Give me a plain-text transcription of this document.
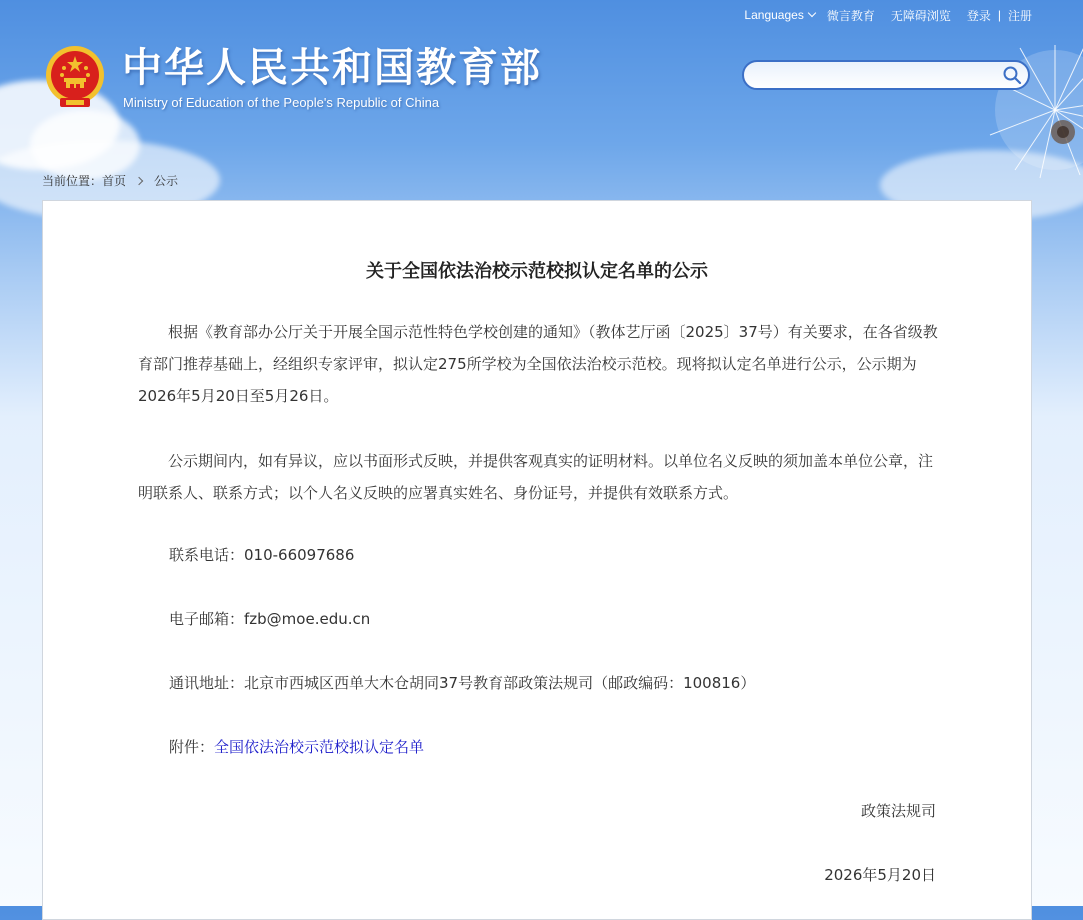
Languages 微言教育 无障碍浏览 登录 | 注册
中华人民共和国教育部
Ministry of Education of the People's Republic of China
当前位置： 首页 公示
关于全国依法治校示范校拟认定名单的公示
根据《教育部办公厅关于开展全国示范性特色学校创建的通知》（教体艺厅函〔2025〕37号）有关要求，在各省级教育部门推荐基础上，经组织专家评审，拟认定275所学校为全国依法治校示范校。现将拟认定名单进行公示，公示期为2026年5月20日至5月26日。
公示期间内，如有异议，应以书面形式反映，并提供客观真实的证明材料。以单位名义反映的须加盖本单位公章，注明联系人、联系方式；以个人名义反映的应署真实姓名、身份证号，并提供有效联系方式。
联系电话：010-66097686
电子邮箱：fzb@moe.edu.cn
通讯地址：北京市西城区西单大木仓胡同37号教育部政策法规司（邮政编码：100816）
附件：全国依法治校示范校拟认定名单
政策法规司
2026年5月20日
